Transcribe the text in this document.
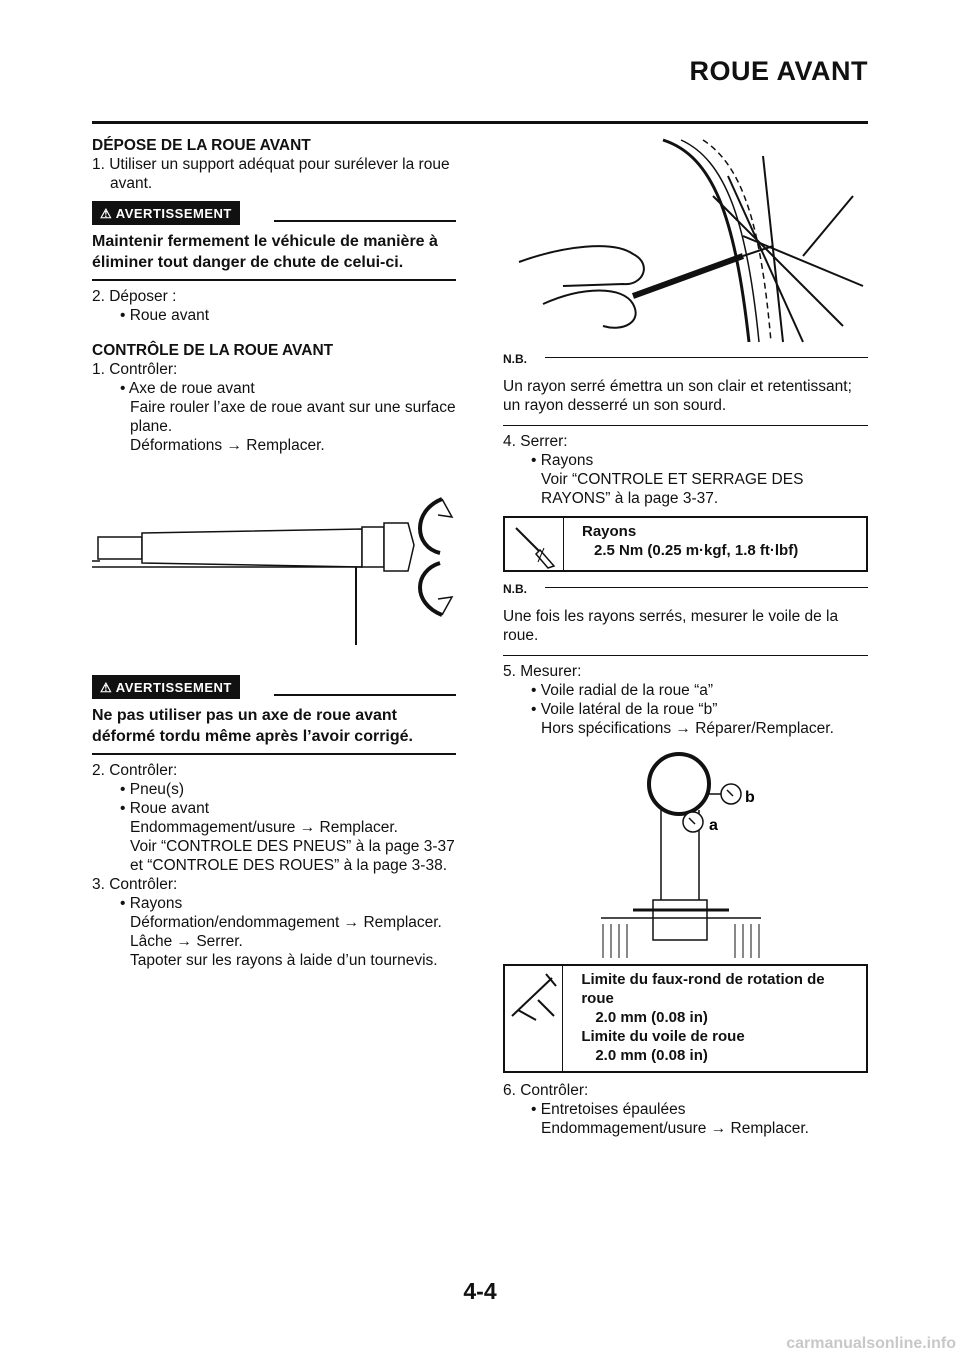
ROUE AVANT

DÉPOSE DE LA ROUE AVANT

1. Utiliser un support adéquat pour surélever la roue avant.

⚠ AVERTISSEMENT
Maintenir fermement le véhicule de manière à éliminer tout danger de chute de celui-ci.

2. Déposer :

• Roue avant

CONTRÔLE DE LA ROUE AVANT

1. Contrôler:

• Axe de roue avant

Faire rouler l’axe de roue avant sur une surface plane.

Déformations → Remplacer.

⚠ AVERTISSEMENT
Ne pas utiliser pas un axe de roue avant déformé tordu même après l’avoir corrigé.

2. Contrôler:

• Pneu(s)

• Roue avant

Endommagement/usure → Remplacer.

Voir “CONTROLE DES PNEUS” à la page 3-37 et “CONTROLE DES ROUES” à la page 3-38.

3. Contrôler:

• Rayons

Déformation/endommagement → Remplacer.

Lâche → Serrer.

Tapoter sur les rayons à laide d’un tournevis.

N.B.
Un rayon serré émettra un son clair et retentissant; un rayon desserré un son sourd.

4. Serrer:

• Rayons

Voir “CONTROLE ET SERRAGE DES RAYONS” à la page 3-37.

Rayons
2.5 Nm (0.25 m·kgf, 1.8 ft·lbf)
N.B.
Une fois les rayons serrés, mesurer le voile de la roue.

5. Mesurer:

• Voile radial de la roue “a”

• Voile latéral de la roue “b”

Hors spécifications → Réparer/Remplacer.

a
b
Limite du faux-rond de rotation de roue
2.0 mm (0.08 in)
Limite du voile de roue
2.0 mm (0.08 in)

6. Contrôler:

• Entretoises épaulées

Endommagement/usure → Remplacer.

4-4
carmanualsonline.info
